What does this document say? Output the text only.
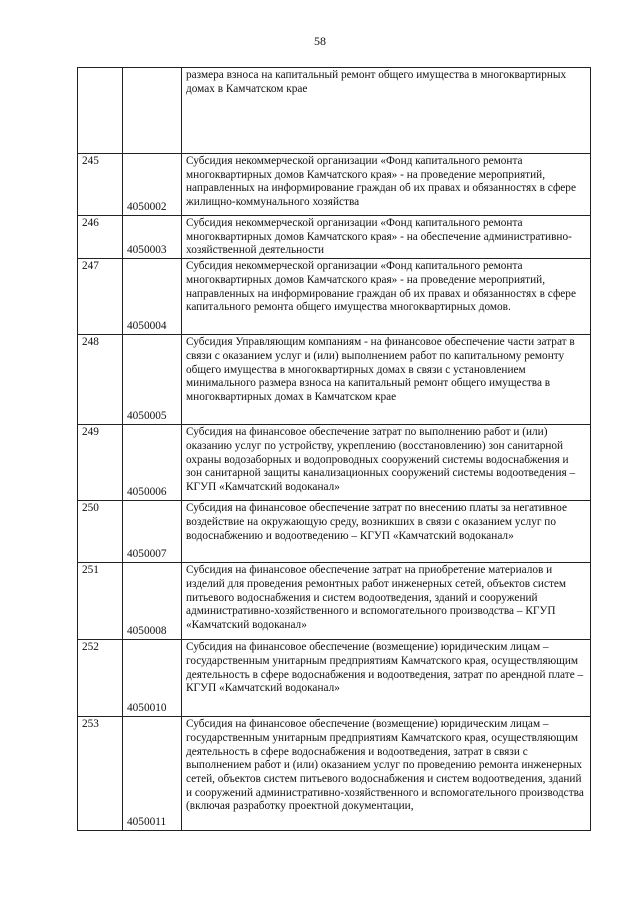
58
		размера взноса на капитальный ремонт общего имущества в многоквартирных домах в Камчатском крае
245	4050002	Субсидия некоммерческой организации «Фонд капитального ремонта многоквартирных домов Камчатского края» - на проведение мероприятий, направленных на информирование граждан об их правах и обязанностях в сфере жилищно-коммунального хозяйства
246	4050003	Субсидия некоммерческой организации «Фонд капитального ремонта многоквартирных домов Камчатского края» - на обеспечение административно-хозяйственной деятельности
247	4050004	Субсидия некоммерческой организации «Фонд капитального ремонта многоквартирных домов Камчатского края» - на проведение мероприятий, направленных на информирование граждан об их правах и обязанностях в сфере капитального ремонта общего имущества многоквартирных домов.
248	4050005	Субсидия Управляющим компаниям - на финансовое обеспечение части затрат в связи с оказанием услуг и (или) выполнением работ по капитальному ремонту общего имущества в многоквартирных домах в связи с установлением минимального размера взноса на капитальный ремонт общего имущества в многоквартирных домах в Камчатском крае
249	4050006	Субсидия на финансовое обеспечение затрат по выполнению работ и (или) оказанию услуг по устройству, укреплению (восстановлению) зон санитарной охраны водозаборных и водопроводных сооружений системы водоснабжения и зон санитарной защиты канализационных сооружений системы водоотведения – КГУП «Камчатский водоканал»
250	4050007	Субсидия на финансовое обеспечение затрат по внесению платы за негативное воздействие на окружающую среду, возникших в связи с оказанием услуг по водоснабжению и водоотведению – КГУП «Камчатский водоканал»
251	4050008	Субсидия на финансовое обеспечение затрат на приобретение материалов и изделий для проведения ремонтных работ инженерных сетей, объектов систем питьевого водоснабжения и систем водоотведения, зданий и сооружений административно-хозяйственного и вспомогательного производства – КГУП «Камчатский водоканал»
252	4050010	Субсидия на финансовое обеспечение (возмещение) юридическим лицам – государственным унитарным предприятиям Камчатского края, осуществляющим деятельность в сфере водоснабжения и водоотведения, затрат по арендной плате – КГУП «Камчатский водоканал»
253	4050011	Субсидия на финансовое обеспечение (возмещение) юридическим лицам – государственным унитарным предприятиям Камчатского края, осуществляющим деятельность в сфере водоснабжения и водоотведения, затрат в связи с выполнением работ и (или) оказанием услуг по проведению ремонта инженерных сетей, объектов систем питьевого водоснабжения и систем водоотведения, зданий и сооружений административно-хозяйственного и вспомогательного производства (включая разработку проектной документации,
